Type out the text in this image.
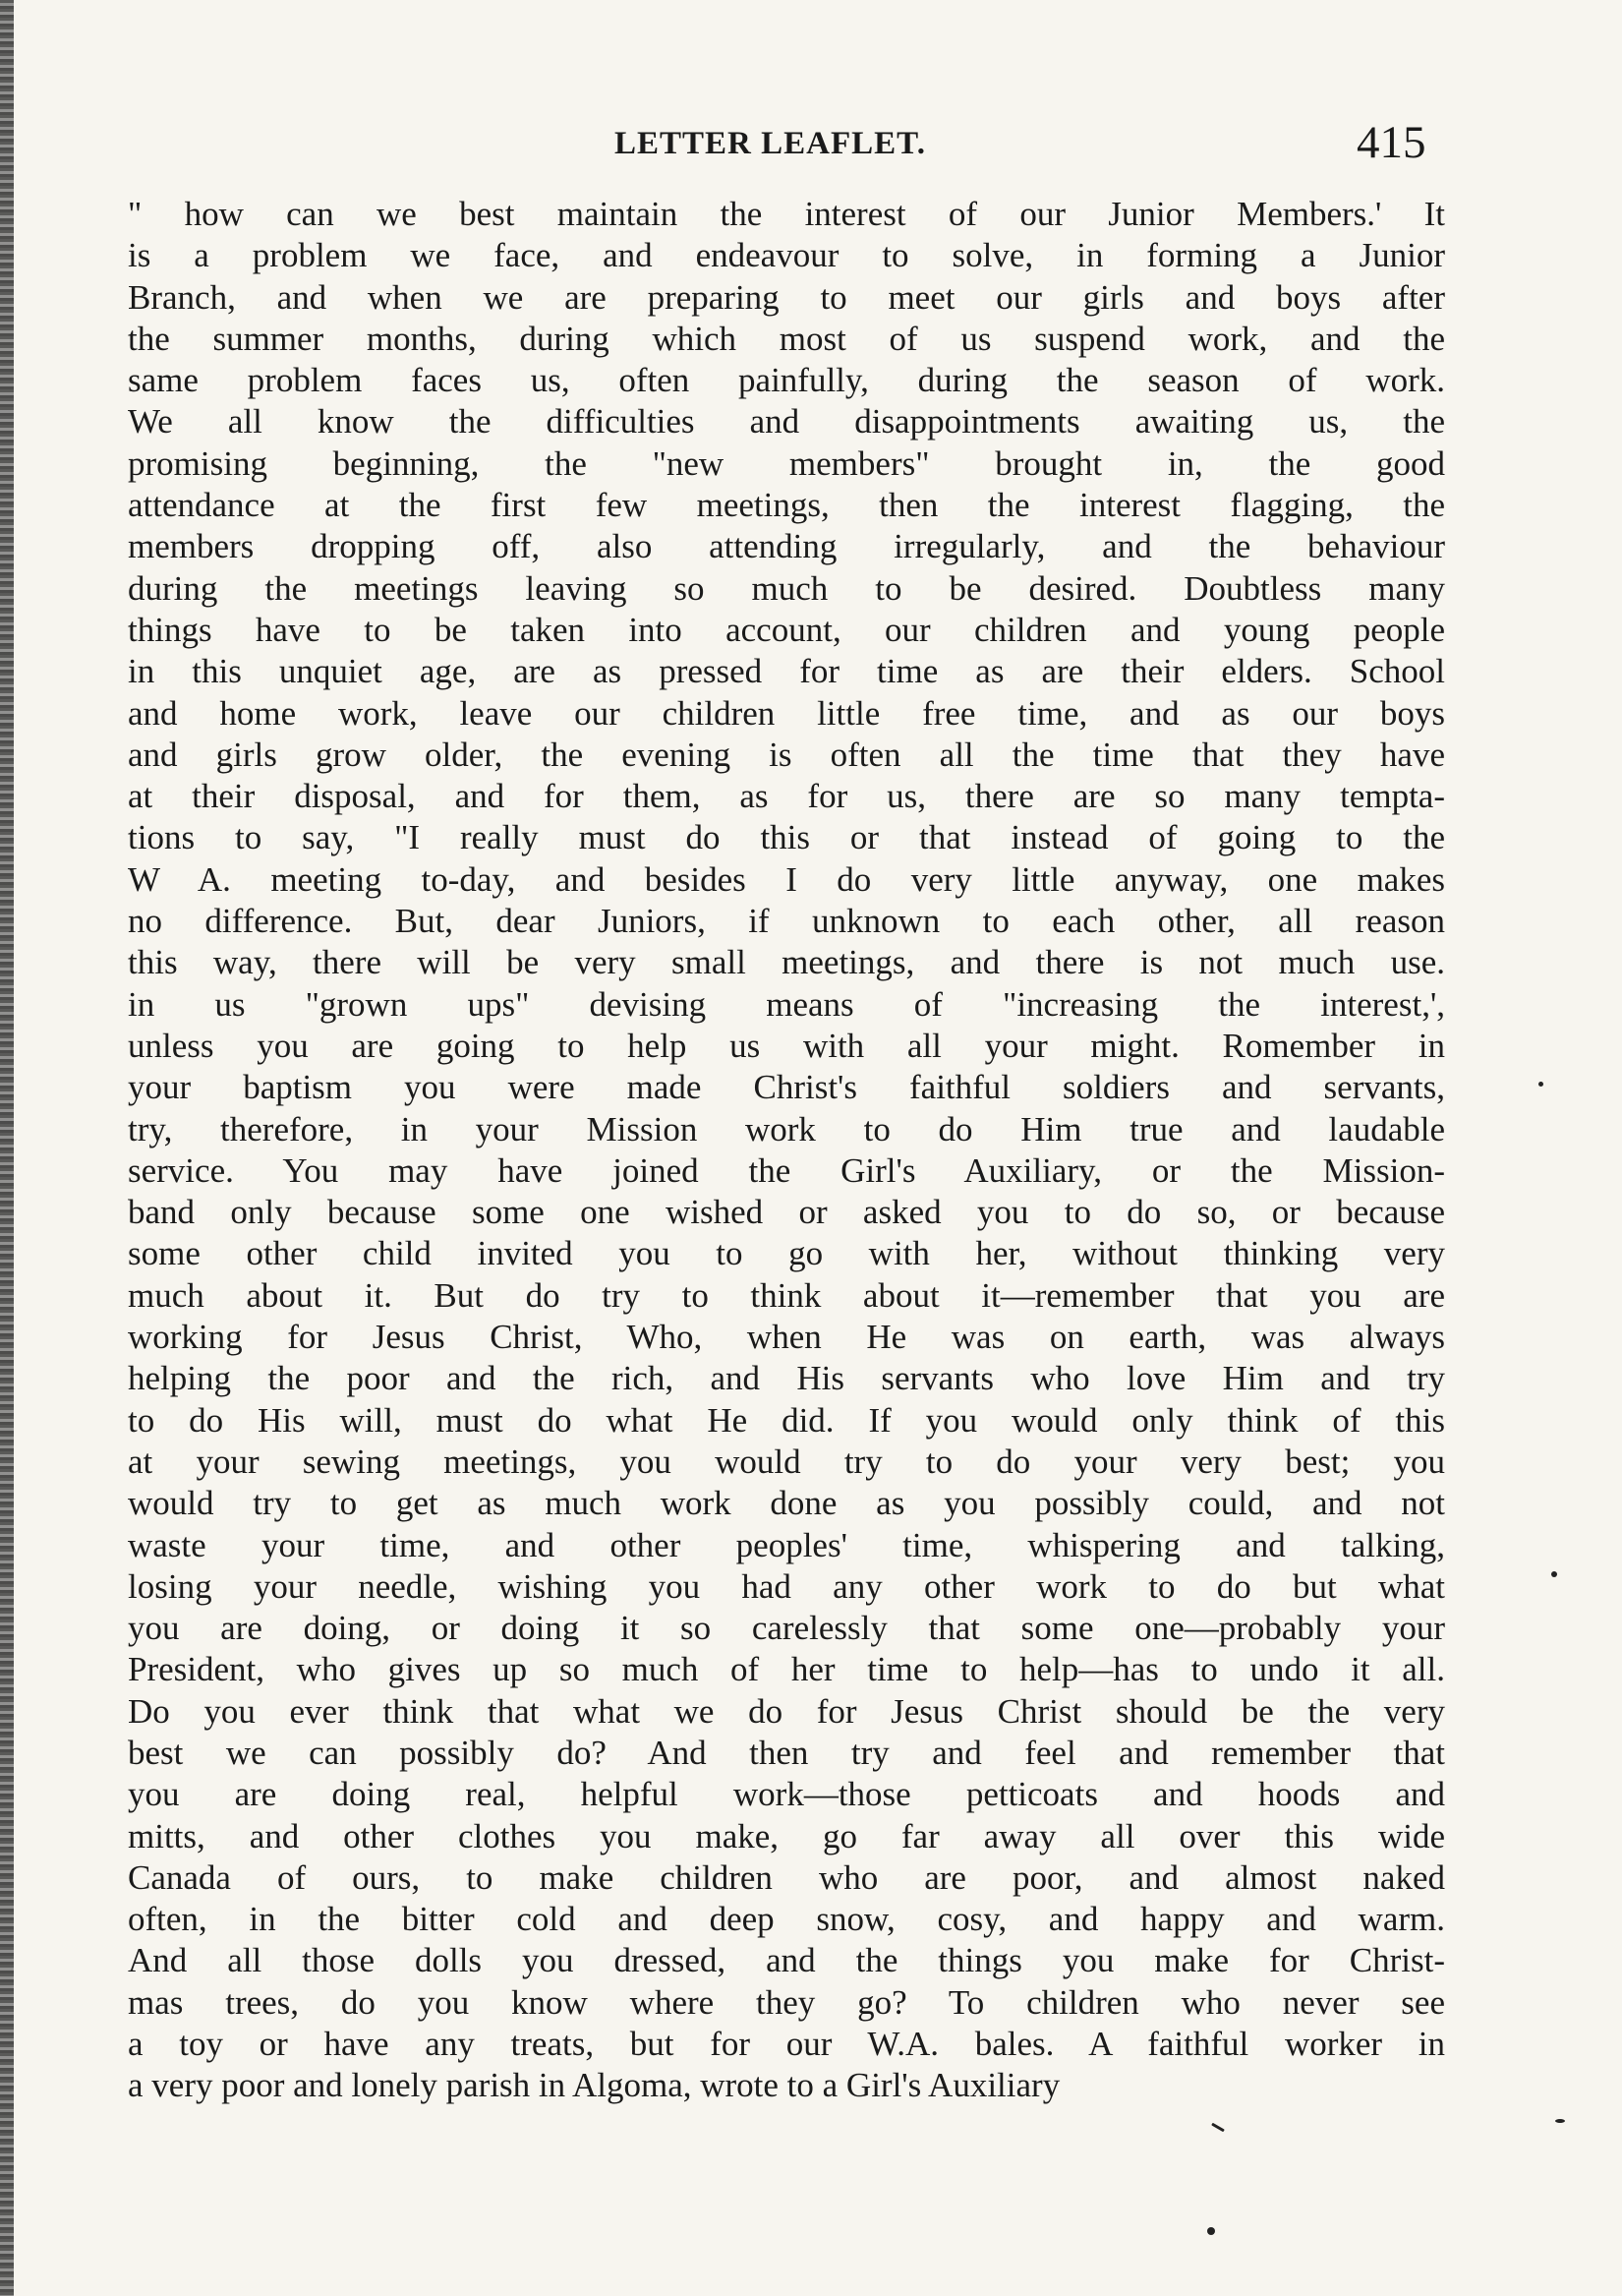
LETTER LEAFLET.	415
" how can we best maintain the interest of our Junior Members.' It
is a problem we face, and endeavour to solve, in forming a Junior
Branch, and when we are preparing to meet our girls and boys after
the summer months, during which most of us suspend work, and the
same problem faces us, often painfully, during the season of work.
We all know the difficulties and disappointments awaiting us, the
promising beginning, the "new members" brought in, the good
attendance at the first few meetings, then the interest flagging, the
members dropping off, also attending irregularly, and the behaviour
during the meetings leaving so much to be desired. Doubtless many
things have to be taken into account, our children and young people
in this unquiet age, are as pressed for time as are their elders. School
and home work, leave our children little free time, and as our boys
and girls grow older, the evening is often all the time that they have
at their disposal, and for them, as for us, there are so many tempta-
tions to say, "I really must do this or that instead of going to the
W A. meeting to-day, and besides I do very little anyway, one makes
no difference. But, dear Juniors, if unknown to each other, all reason
this way, there will be very small meetings, and there is not much use.
in us "grown ups" devising means of "increasing the interest,',
unless you are going to help us with all your might. Romember in
your baptism you were made Christ's faithful soldiers and servants,
try, therefore, in your Mission work to do Him true and laudable
service. You may have joined the Girl's Auxiliary, or the Mission-
band only because some one wished or asked you to do so, or because
some other child invited you to go with her, without thinking very
much about it. But do try to think about it—remember that you are
working for Jesus Christ, Who, when He was on earth, was always
helping the poor and the rich, and His servants who love Him and try
to do His will, must do what He did. If you would only think of this
at your sewing meetings, you would try to do your very best; you
would try to get as much work done as you possibly could, and not
waste your time, and other peoples' time, whispering and talking,
losing your needle, wishing you had any other work to do but what
you are doing, or doing it so carelessly that some one—probably your
President, who gives up so much of her time to help—has to undo it all.
Do you ever think that what we do for Jesus Christ should be the very
best we can possibly do? And then try and feel and remember that
you are doing real, helpful work—those petticoats and hoods and
mitts, and other clothes you make, go far away all over this wide
Canada of ours, to make children who are poor, and almost naked
often, in the bitter cold and deep snow, cosy, and happy and warm.
And all those dolls you dressed, and the things you make for Christ-
mas trees, do you know where they go? To children who never see
a toy or have any treats, but for our W.A. bales. A faithful worker in
a very poor and lonely parish in Algoma, wrote to a Girl's Auxiliary
